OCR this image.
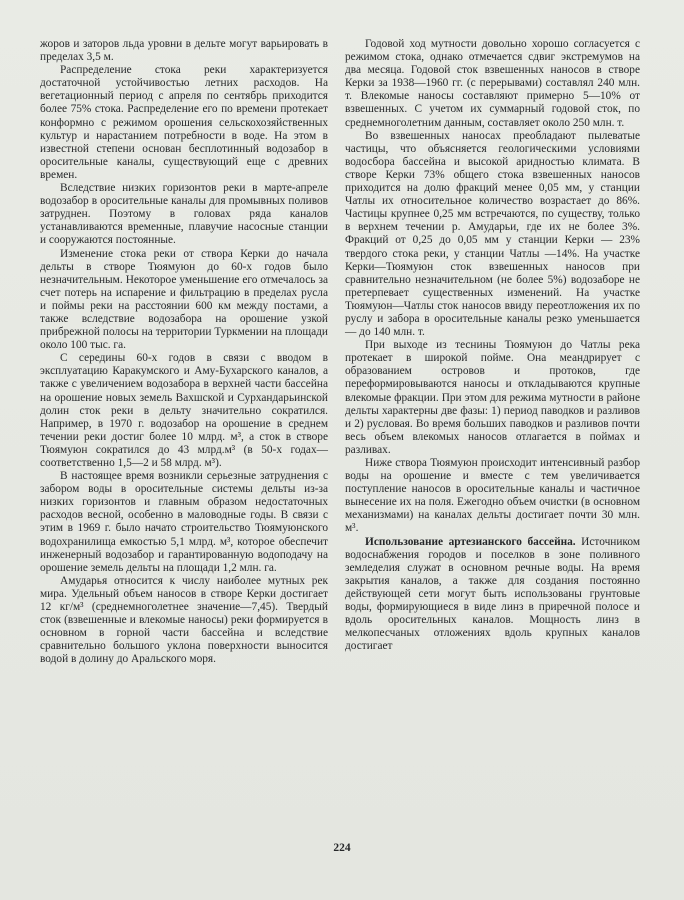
жоров и заторов льда уровни в дельте могут варьировать в пределах 3,5 м.

Распределение стока реки характеризуется достаточной устойчивостью летних расходов. На вегетационный период с апреля по сентябрь приходится более 75% стока. Распределение его по времени протекает конформно с режимом орошения сельскохозяйственных культур и нарастанием потребности в воде. На этом в известной степени основан бесплотинный водозабор в оросительные каналы, существующий еще с древних времен.

Вследствие низких горизонтов реки в марте-апреле водозабор в оросительные каналы для промывных поливов затруднен. Поэтому в головах ряда каналов устанавливаются временные, плавучие насосные станции и сооружаются постоянные.

Изменение стока реки от створа Керки до начала дельты в створе Тюямуюн до 60-х годов было незначительным. Некоторое уменьшение его отмечалось за счет потерь на испарение и фильтрацию в пределах русла и поймы реки на расстоянии 600 км между постами, а также вследствие водозабора на орошение узкой прибрежной полосы на территории Туркмении на площади около 100 тыс. га.

С середины 60-х годов в связи с вводом в эксплуатацию Каракумского и Аму-Бухарского каналов, а также с увеличением водозабора в верхней части бассейна на орошение новых земель Вахшской и Сурхандарьинской долин сток реки в дельту значительно сократился. Например, в 1970 г. водозабор на орошение в среднем течении реки достиг более 10 млрд. м³, а сток в створе Тюямуюн сократился до 43 млрд.м³ (в 50-х годах— соответственно 1,5—2 и 58 млрд. м³).

В настоящее время возникли серьезные затруднения с забором воды в оросительные системы дельты из-за низких горизонтов и главным образом недостаточных расходов весной, особенно в маловодные годы. В связи с этим в 1969 г. было начато строительство Тюямуюнского водохранилища емкостью 5,1 млрд. м³, которое обеспечит инженерный водозабор и гарантированную водоподачу на орошение земель дельты на площади 1,2 млн. га.

Амударья относится к числу наиболее мутных рек мира. Удельный объем наносов в створе Керки достигает 12 кг/м³ (среднемноголетнее значение—7,45). Твердый сток (взвешенные и влекомые наносы) реки формируется в основном в горной части бассейна и вследствие сравнительно большого уклона поверхности выносится водой в долину до Аральского моря.

Годовой ход мутности довольно хорошо согласуется с режимом стока, однако отмечается сдвиг экстремумов на два месяца. Годовой сток взвешенных наносов в створе Керки за 1938—1960 гг. (с перерывами) составлял 240 млн. т. Влекомые наносы составляют примерно 5—10% от взвешенных. С учетом их суммарный годовой сток, по среднемноголетним данным, составляет около 250 млн. т.

Во взвешенных наносах преобладают пылеватые частицы, что объясняется геологическими условиями водосбора бассейна и высокой аридностью климата. В створе Керки 73% общего стока взвешенных наносов приходится на долю фракций менее 0,05 мм, у станции Чатлы их относительное количество возрастает до 86%. Частицы крупнее 0,25 мм встречаются, по существу, только в верхнем течении р. Амударьи, где их не более 3%. Фракций от 0,25 до 0,05 мм у станции Керки — 23% твердого стока реки, у станции Чатлы —14%. На участке Керки—Тюямуюн сток взвешенных наносов при сравнительно незначительном (не более 5%) водозаборе не претерпевает существенных изменений. На участке Тюямуюн—Чатлы сток наносов ввиду переотложения их по руслу и забора в оросительные каналы резко уменьшается — до 140 млн. т.

При выходе из теснины Тюямуюн до Чатлы река протекает в широкой пойме. Она меандрирует с образованием островов и протоков, где переформировываются наносы и откладываются крупные влекомые фракции. При этом для режима мутности в районе дельты характерны две фазы: 1) период паводков и разливов и 2) русловая. Во время больших паводков и разливов почти весь объем влекомых наносов отлагается в поймах и разливах.

Ниже створа Тюямуюн происходит интенсивный разбор воды на орошение и вместе с тем увеличивается поступление наносов в оросительные каналы и частичное вынесение их на поля. Ежегодно объем очистки (в основном механизмами) на каналах дельты достигает почти 30 млн. м³.

Использование артезианского бассейна. Источником водоснабжения городов и поселков в зоне поливного земледелия служат в основном речные воды. На время закрытия каналов, а также для создания постоянно действующей сети могут быть использованы грунтовые воды, формирующиеся в виде линз в приречной полосе и вдоль оросительных каналов. Мощность линз в мелкопесчаных отложениях вдоль крупных каналов достигает

224
